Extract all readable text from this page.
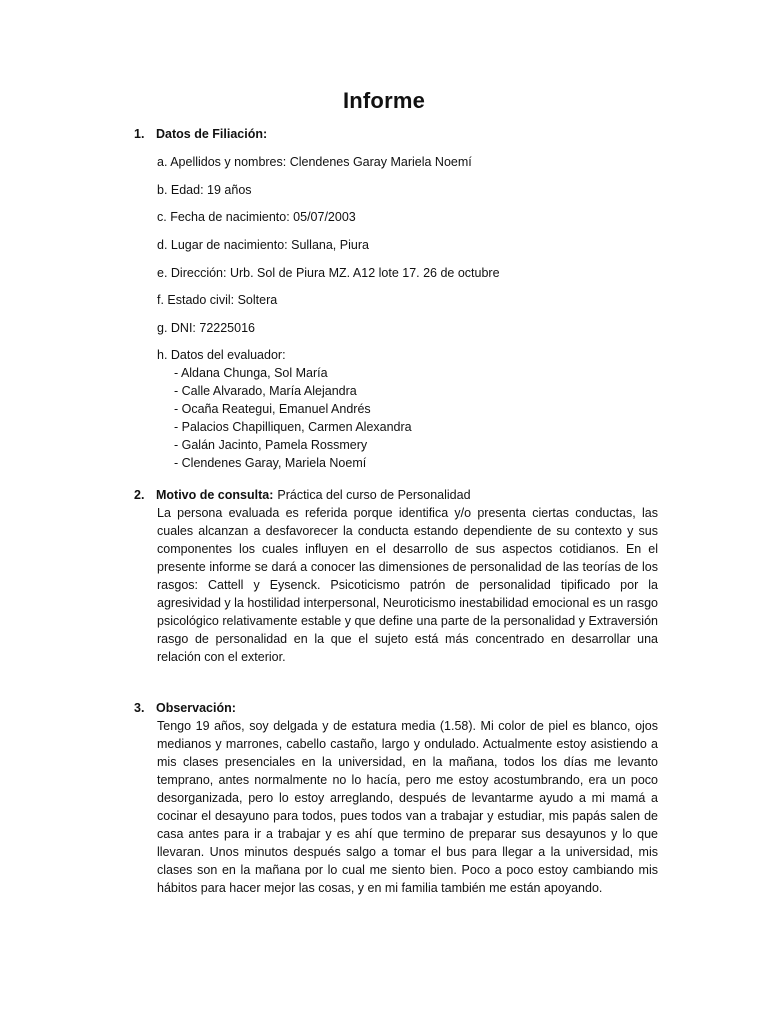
Informe
1. Datos de Filiación:
a. Apellidos y nombres: Clendenes Garay Mariela Noemí
b. Edad: 19 años
c. Fecha de nacimiento: 05/07/2003
d. Lugar de nacimiento: Sullana, Piura
e. Dirección: Urb. Sol de Piura MZ. A12 lote 17. 26 de octubre
f. Estado civil: Soltera
g. DNI: 72225016
h. Datos del evaluador:
- Aldana Chunga, Sol María
- Calle Alvarado, María Alejandra
- Ocaña Reategui, Emanuel Andrés
- Palacios Chapilliquen, Carmen Alexandra
- Galán Jacinto, Pamela Rossmery
- Clendenes Garay, Mariela Noemí
2. Motivo de consulta: Práctica del curso de Personalidad
La persona evaluada es referida porque identifica y/o presenta ciertas conductas, las cuales alcanzan a desfavorecer la conducta estando dependiente de su contexto y sus componentes los cuales influyen en el desarrollo de sus aspectos cotidianos. En el presente informe se dará a conocer las dimensiones de personalidad de las teorías de los rasgos: Cattell y Eysenck. Psicoticismo patrón de personalidad tipificado por la agresividad y la hostilidad interpersonal, Neuroticismo inestabilidad emocional es un rasgo psicológico relativamente estable y que define una parte de la personalidad y Extraversión rasgo de personalidad en la que el sujeto está más concentrado en desarrollar una relación con el exterior.
3. Observación:
Tengo 19 años, soy delgada y de estatura media (1.58). Mi color de piel es blanco, ojos medianos y marrones, cabello castaño, largo y ondulado. Actualmente estoy asistiendo a mis clases presenciales en la universidad, en la mañana, todos los días me levanto temprano, antes normalmente no lo hacía, pero me estoy acostumbrando, era un poco desorganizada, pero lo estoy arreglando, después de levantarme ayudo a mi mamá a cocinar el desayuno para todos, pues todos van a trabajar y estudiar, mis papás salen de casa antes para ir a trabajar y es ahí que termino de preparar sus desayunos y lo que llevaran. Unos minutos después salgo a tomar el bus para llegar a la universidad, mis clases son en la mañana por lo cual me siento bien. Poco a poco estoy cambiando mis hábitos para hacer mejor las cosas, y en mi familia también me están apoyando.
